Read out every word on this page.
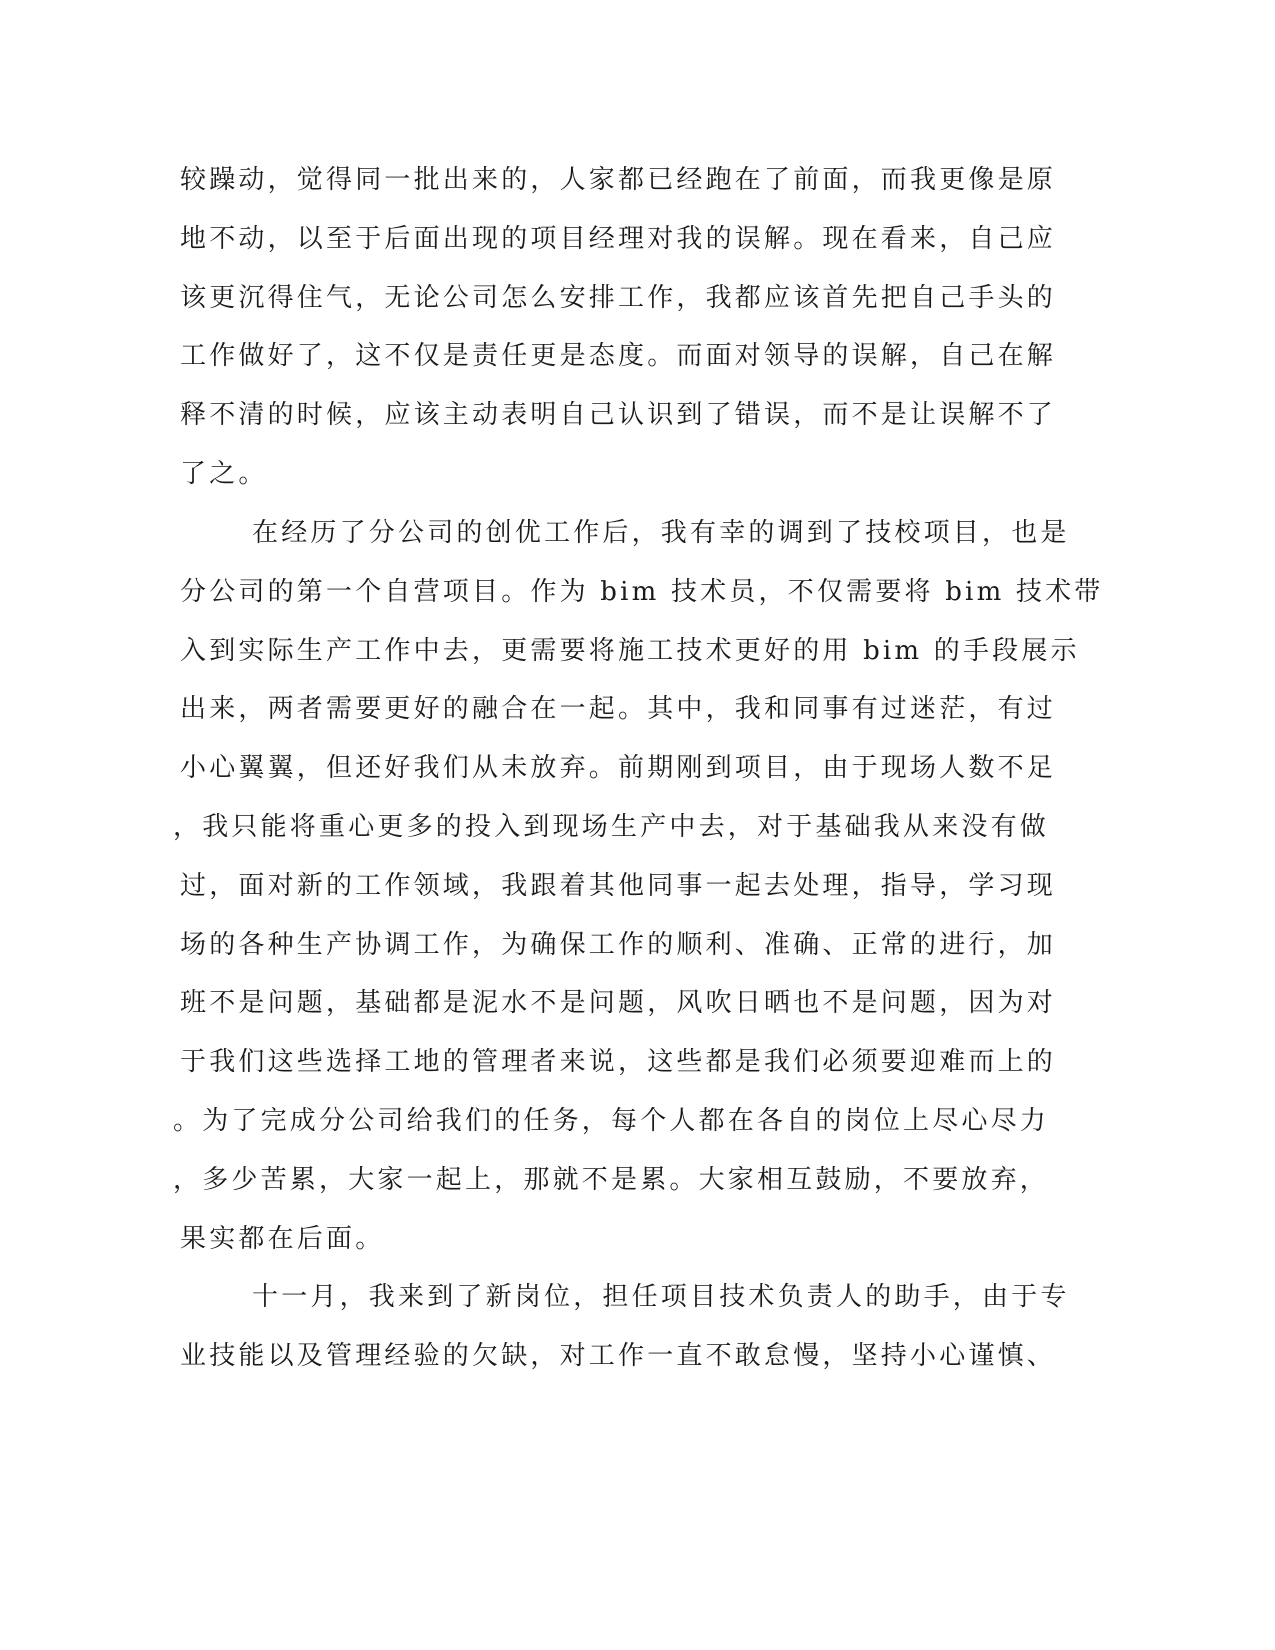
较躁动，觉得同一批出来的，人家都已经跑在了前面，而我更像是原
地不动，以至于后面出现的项目经理对我的误解。现在看来，自己应
该更沉得住气，无论公司怎么安排工作，我都应该首先把自己手头的
工作做好了，这不仅是责任更是态度。而面对领导的误解，自己在解
释不清的时候，应该主动表明自己认识到了错误，而不是让误解不了
了之。
在经历了分公司的创优工作后，我有幸的调到了技校项目，也是
分公司的第一个自营项目。作为 bim 技术员，不仅需要将 bim 技术带
入到实际生产工作中去，更需要将施工技术更好的用 bim 的手段展示
出来，两者需要更好的融合在一起。其中，我和同事有过迷茫，有过
小心翼翼，但还好我们从未放弃。前期刚到项目，由于现场人数不足
，我只能将重心更多的投入到现场生产中去，对于基础我从来没有做
过，面对新的工作领域，我跟着其他同事一起去处理，指导，学习现
场的各种生产协调工作，为确保工作的顺利、准确、正常的进行，加
班不是问题，基础都是泥水不是问题，风吹日晒也不是问题，因为对
于我们这些选择工地的管理者来说，这些都是我们必须要迎难而上的
。为了完成分公司给我们的任务，每个人都在各自的岗位上尽心尽力
，多少苦累，大家一起上，那就不是累。大家相互鼓励，不要放弃，
果实都在后面。
十一月，我来到了新岗位，担任项目技术负责人的助手，由于专
业技能以及管理经验的欠缺，对工作一直不敢怠慢，坚持小心谨慎、
